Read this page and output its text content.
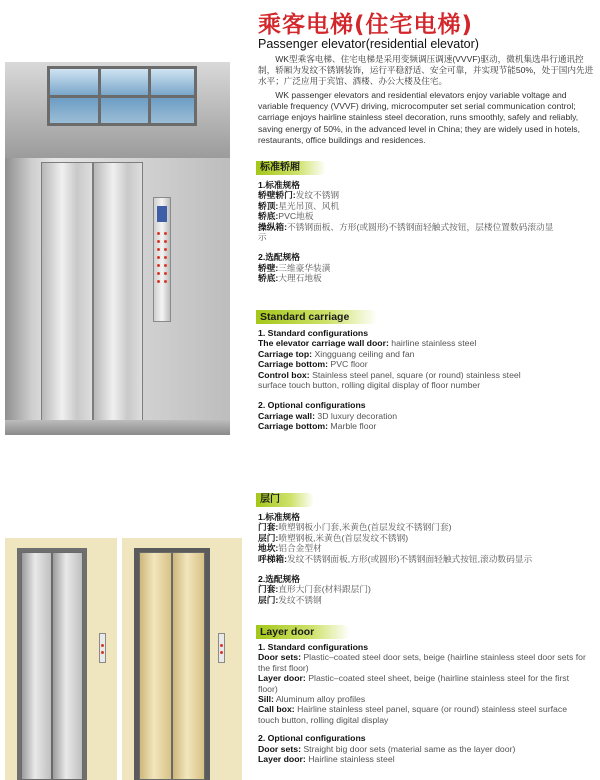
乘客电梯(住宅电梯)
Passenger elevator(residential elevator)
WK型乘客电梯、住宅电梯是采用变频调压调速(VVVF)驱动，微机集选串行通讯控制，轿厢为发纹不锈钢装饰，运行平稳舒适、安全可靠，并实现节能50%，处于国内先进水平；广泛应用于宾馆、酒楼、办公大楼及住宅。
WK passenger elevators and residential elevators enjoy variable voltage and variable frequency (VVVF) driving, microcomputer set serial communication control; carriage enjoys hairline stainless steel decoration, runs smoothly, safely and reliably, saving energy of 50%, in the advanced level in China; they are widely used in hotels, restaurants, office buildings and residences.
标准轿厢
1.标准规格
轿壁轿门:发纹不锈钢
轿顶:星光吊顶、风机
轿底:PVC地板
操纵箱:不锈钢面板、方形(或圆形)不锈钢面轻触式按钮，层楼位置数码滚动显示
2.选配规格
轿壁:三维豪华装潢
轿底:大理石地板
Standard carriage
1. Standard configurations
The elevator carriage wall door: hairline stainless steel
Carriage top: Xingguang ceiling and fan
Carriage bottom: PVC floor
Control box: Stainless steel panel, square (or round) stainless steel surface touch button, rolling digital display of floor number
2. Optional configurations
Carriage wall: 3D luxury decoration
Carriage bottom: Marble floor
层门
1.标准规格
门套:喷塑钢板小门套,米黄色(首层发纹不锈钢门套)
层门:喷塑钢板,米黄色(首层发纹不锈钢)
地坎:铝合金型材
呼梯箱:发纹不锈钢面板,方形(或圆形)不锈钢面轻触式按钮,滚动数码显示
2.选配规格
门套:直形大门套(材料跟层门)
层门:发纹不锈钢
Layer door
1. Standard configurations
Door sets: Plastic–coated steel door sets, beige (hairline stainless steel door sets for the first floor)
Layer door: Plastic–coated steel sheet, beige (hairline stainless steel for the first floor)
Sill: Aluminum alloy profiles
Call box: Hairline stainless steel panel, square (or round) stainless steel surface touch button, rolling digital display
2. Optional configurations
Door sets: Straight big door sets (material same as the layer door)
Layer door: Hairline stainless steel
